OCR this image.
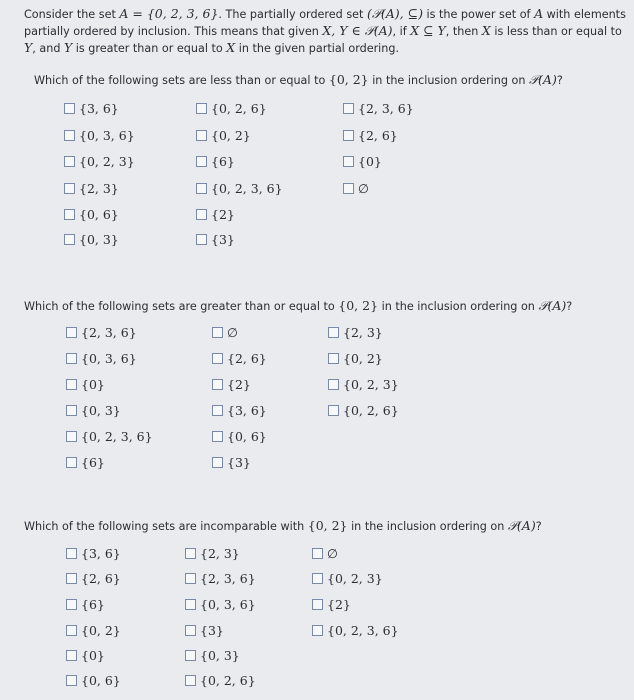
Consider the set A = {0, 2, 3, 6}. The partially ordered set (𝒫(A), ⊆) is the power set of A with elements partially ordered by inclusion. This means that given X, Y ∈ 𝒫(A), if X ⊆ Y, then X is less than or equal to Y, and Y is greater than or equal to X in the given partial ordering.
Which of the following sets are less than or equal to {0, 2} in the inclusion ordering on 𝒫(A)?
{3, 6}	{0, 2, 6}	{2, 3, 6}
{0, 3, 6}	{0, 2}	{2, 6}
{0, 2, 3}	{6}	{0}
{2, 3}	{0, 2, 3, 6}	∅
{0, 6}	{2}
{0, 3}	{3}
Which of the following sets are greater than or equal to {0, 2} in the inclusion ordering on 𝒫(A)?
{2, 3, 6}	∅	{2, 3}
{0, 3, 6}	{2, 6}	{0, 2}
{0}	{2}	{0, 2, 3}
{0, 3}	{3, 6}	{0, 2, 6}
{0, 2, 3, 6}	{0, 6}
{6}	{3}
Which of the following sets are incomparable with {0, 2} in the inclusion ordering on 𝒫(A)?
{3, 6}	{2, 3}	∅
{2, 6}	{2, 3, 6}	{0, 2, 3}
{6}	{0, 3, 6}	{2}
{0, 2}	{3}	{0, 2, 3, 6}
{0}	{0, 3}
{0, 6}	{0, 2, 6}
